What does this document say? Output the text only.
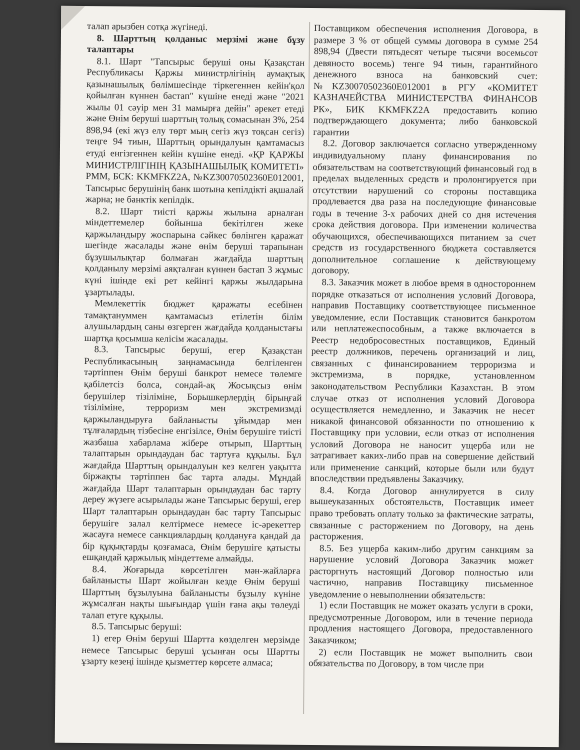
талап арызбен сотқа жүгінеді.

8. Шарттың қолданыс мерзімі және бұзу талаптары

8.1. Шарт "Тапсырыс беруші оны Қазақстан Республикасы Қаржы министрлігінің аумақтық қазынашылық бөлімшесінде тіркегеннен кейін'қол қойылған күннен бастап" күшіне енеді және "2021 жылы 01 сәуір мен 31 мамырға дейін" әрекет етеді және Өнім беруші шарттың толық сомасынан 3%, 254 898,94 (екі жүз елу төрт мың сегіз жүз тоқсан сегіз) теңге 94 тиын, Шарттың орындалуын қамтамасыз етуді енгізгеннен кейін күшіне енеді. «ҚР ҚАРЖЫ МИНИСТРЛІГІНІҢ ҚАЗЫНАШЫЛЫҚ КОМИТЕТІ» РММ, БСК: KKMFKZ2A, №KZ30070502360E012001, Тапсырыс берушінің банк шотына кепілдікті ақшалай жарна; не банктік кепілдік.

8.2. Шарт тиісті қаржы жылына арналған міндеттемелер бойынша бекітілген жеке қаржыландыру жоспарына сәйкес бөлінген қаражат шегінде жасалады және өнім беруші тарапынан бұзушылықтар болмаған жағдайда шарттың қолданылу мерзімі аяқталған күннен бастап 3 жұмыс күні ішінде екі рет кейінгі қаржы жылдарына ұзартылады.

Мемлекеттік бюджет қаражаты есебінен тамақтануммен қамтамасыз етілетін білім алушылардың саны өзгерген жағдайда қолданыстағы шартқа қосымша келісім жасалады.

8.3. Тапсырыс беруші, егер Қазақстан Республикасының заңнамасында белгіленген тәртіппен Өнім беруші банкрот немесе төлемге қабілетсіз болса, сондай-ақ Жосықсыз өнім берушілер тізіліміне, Борышкерлердің бірыңғай тізіліміне, терроризм мен экстремизмді қаржыландыруға байланысты ұйымдар мен тұлғалардың тізбесіне енгізілсе, Өнім берушіге тиісті жазбаша хабарлама жібере отырып, Шарттың талаптарын орындаудан бас тартуға құқылы. Бұл жағдайда Шарттың орындалуын кез келген уақытта біржақты тәртіппен бас тарта алады. Мұндай жағдайда Шарт талаптарын орындаудан бас тарту дереу жүзеге асырылады және Тапсырыс беруші, егер Шарт талаптарын орындаудан бас тарту Тапсырыс берушіге залал келтірмесе немесе іс-әрекеттер жасауға немесе санкциялардың қолдануға қандай да бір құқықтарды қозғамаса, Өнім берушіге қатысты ешқандай қаржылық міндеттеме алмайды.

8.4. Жоғарыда көрсетілген мән-жайларға байланысты Шарт жойылған кезде Өнім беруші Шарттың бұзылуына байланысты бұзылу күніне жұмсалған нақты шығындар үшін ғана ақы төлеуді талап етуге құқылы.

8.5. Тапсырыс беруші:

1) егер Өнім беруші Шартта көзделген мерзімде немесе Тапсырыс беруші ұсынған осы Шартты ұзарту кезеңі ішінде қызметтер көрсете алмаса;

Поставщиком обеспечения исполнения Договора, в размере 3 % от общей суммы договора в сумме 254 898,94 (Двести пятьдесят четыре тысячи восемьсот девяносто восемь) тенге 94 тиын, гарантийного денежного взноса на банковский счет: №KZ30070502360E012001 в РГУ «КОМИТЕТ КАЗНАЧЕЙСТВА МИНИСТЕРСТВА ФИНАНСОВ РК», БИК KKMFKZ2A предоставить копию подтверждающего документа; либо банковской гарантии

8.2. Договор заключается согласно утвержденному индивидуальному плану финансирования по обязательствам на соответствующий финансовый год в пределах выделенных средств и пролонгируется при отсутствии нарушений со стороны поставщика продлевается два раза на последующие финансовые годы в течение 3-х рабочих дней со дня истечения срока действия договора. При изменении количества обучающихся, обеспечивающихся питанием за счет средств из государственного бюджета составляется дополнительное соглашение к действующему договору.

8.3. Заказчик может в любое время в одностороннем порядке отказаться от исполнения условий Договора, направив Поставщику соответствующее письменное уведомление, если Поставщик становится банкротом или неплатежеспособным, а также включается в Реестр недобросовестных поставщиков, Единый реестр должников, перечень организаций и лиц, связанных с финансированием терроризма и экстремизма, в порядке, установленном законодательством Республики Казахстан. В этом случае отказ от исполнения условий Договора осуществляется немедленно, и Заказчик не несет никакой финансовой обязанности по отношению к Поставщику при условии, если отказ от исполнения условий Договора не наносит ущерба или не затрагивает каких-либо прав на совершение действий или применение санкций, которые были или будут впоследствии предъявлены Заказчику.

8.4. Когда Договор аннулируется в силу вышеуказанных обстоятельств, Поставщик имеет право требовать оплату только за фактические затраты, связанные с расторжением по Договору, на день расторжения.

8.5. Без ущерба каким-либо другим санкциям за нарушение условий Договора Заказчик может расторгнуть настоящий Договор полностью или частично, направив Поставщику письменное уведомление о невыполнении обязательств:

1) если Поставщик не может оказать услуги в сроки, предусмотренные Договором, или в течение периода продления настоящего Договора, предоставленного Заказчиком;

2) если Поставщик не может выполнить свои обязательства по Договору, в том числе при
